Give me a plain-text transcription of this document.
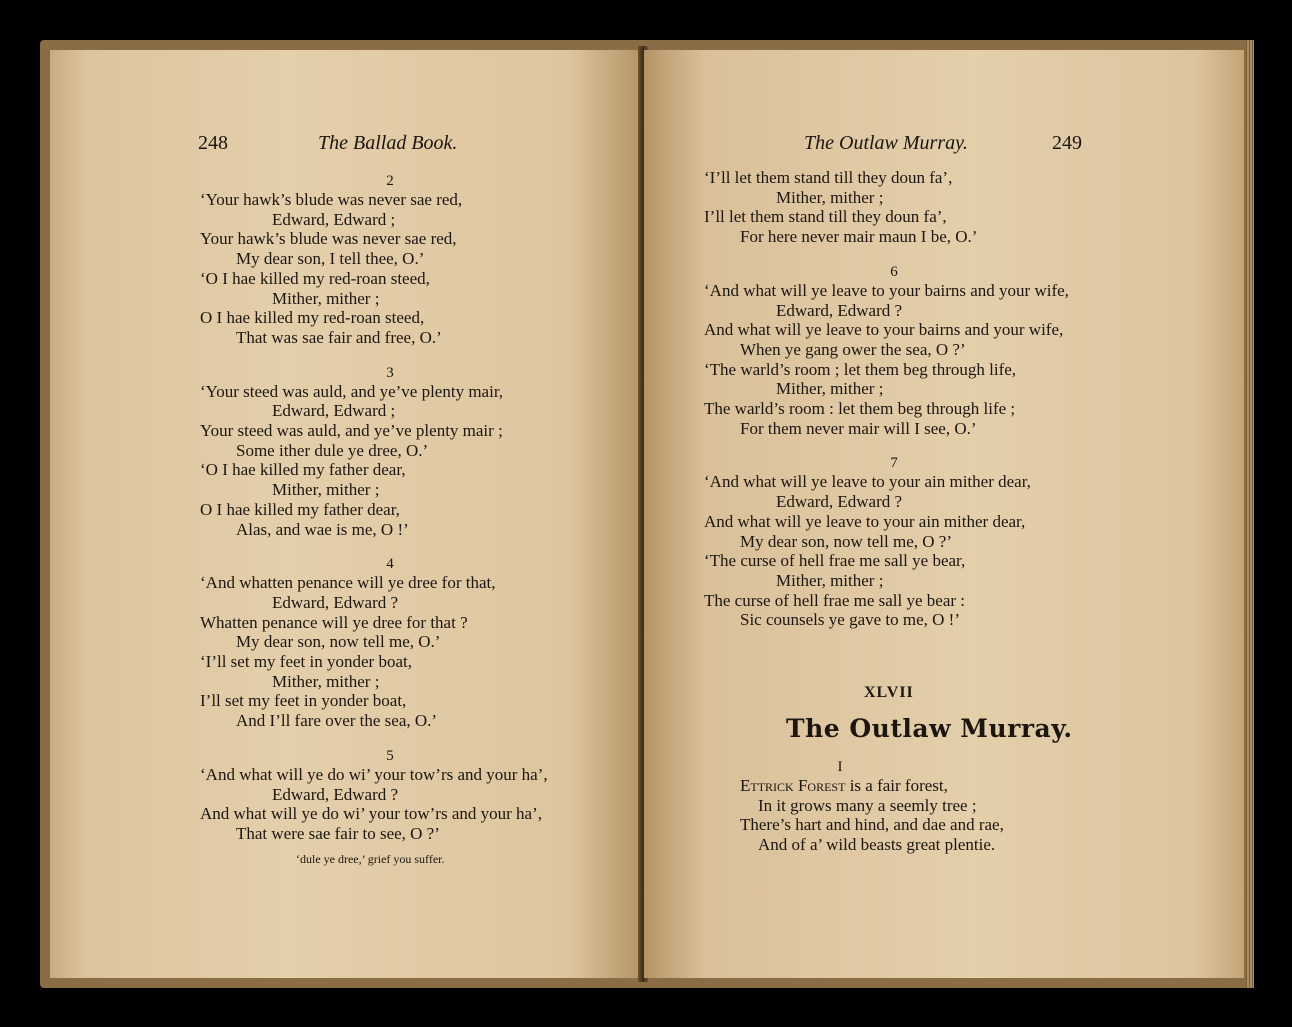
248	The Ballad Book.

2

‘Your hawk’s blude was never sae red,

Edward, Edward ;

Your hawk’s blude was never sae red,

My dear son, I tell thee, O.’

‘O I hae killed my red-roan steed,

Mither, mither ;

O I hae killed my red-roan steed,

That was sae fair and free, O.’

3

‘Your steed was auld, and ye’ve plenty mair,

Edward, Edward ;

Your steed was auld, and ye’ve plenty mair ;

Some ither dule ye dree, O.’

‘O I hae killed my father dear,

Mither, mither ;

O I hae killed my father dear,

Alas, and wae is me, O !’

4

‘And whatten penance will ye dree for that,

Edward, Edward ?

Whatten penance will ye dree for that ?

My dear son, now tell me, O.’

‘I’ll set my feet in yonder boat,

Mither, mither ;

I’ll set my feet in yonder boat,

And I’ll fare over the sea, O.’

5

‘And what will ye do wi’ your tow’rs and your ha’,

Edward, Edward ?

And what will ye do wi’ your tow’rs and your ha’,

That were sae fair to see, O ?’

‘dule ye dree,’ grief you suffer.
The Outlaw Murray.	249

‘I’ll let them stand till they doun fa’,

Mither, mither ;

I’ll let them stand till they doun fa’,

For here never mair maun I be, O.’

6

‘And what will ye leave to your bairns and your wife,

Edward, Edward ?

And what will ye leave to your bairns and your wife,

When ye gang ower the sea, O ?’

‘The warld’s room ; let them beg through life,

Mither, mither ;

The warld’s room : let them beg through life ;

For them never mair will I see, O.’

7

‘And what will ye leave to your ain mither dear,

Edward, Edward ?

And what will ye leave to your ain mither dear,

My dear son, now tell me, O ?’

‘The curse of hell frae me sall ye bear,

Mither, mither ;

The curse of hell frae me sall ye bear :

Sic counsels ye gave to me, O !’

XLVII
The Outlaw Murray.

I

Ettrick Forest is a fair forest,

In it grows many a seemly tree ;

There’s hart and hind, and dae and rae,

And of a’ wild beasts great plentie.
